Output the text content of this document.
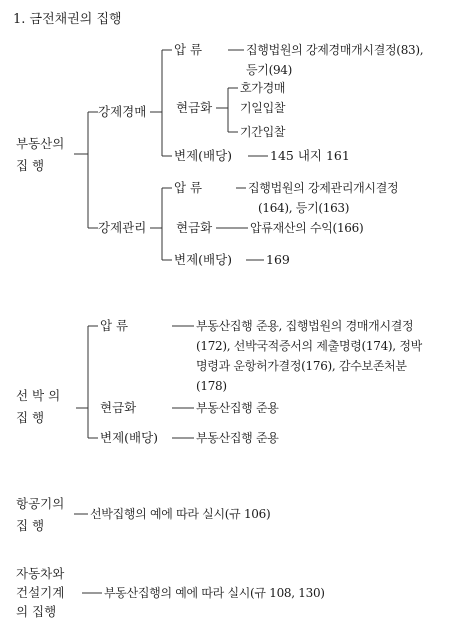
1. 금전채권의 집행
부동산의
집 행
강제경매
압 류	집행법원의 강제경매개시결정(83),
등기(94)
현금화
호가경매
기일입찰
기간입찰
변제(배당)	145 내지 161
강제관리
압 류	집행법원의 강제관리개시결정
(164), 등기(163)
현금화	압류재산의 수익(166)
변제(배당)	169
선 박 의
집 행
압 류	부동산집행 준용, 집행법원의 경매개시결정
(172), 선박국적증서의 제출명령(174), 정박
명령과 운항허가결정(176), 감수보존처분
(178)
현금화	부동산집행 준용
변제(배당)	부동산집행 준용
항공기의
집 행
선박집행의 예에 따라 실시(규 106)
자동차와
건설기계
의 집행
부동산집행의 예에 따라 실시(규 108, 130)
